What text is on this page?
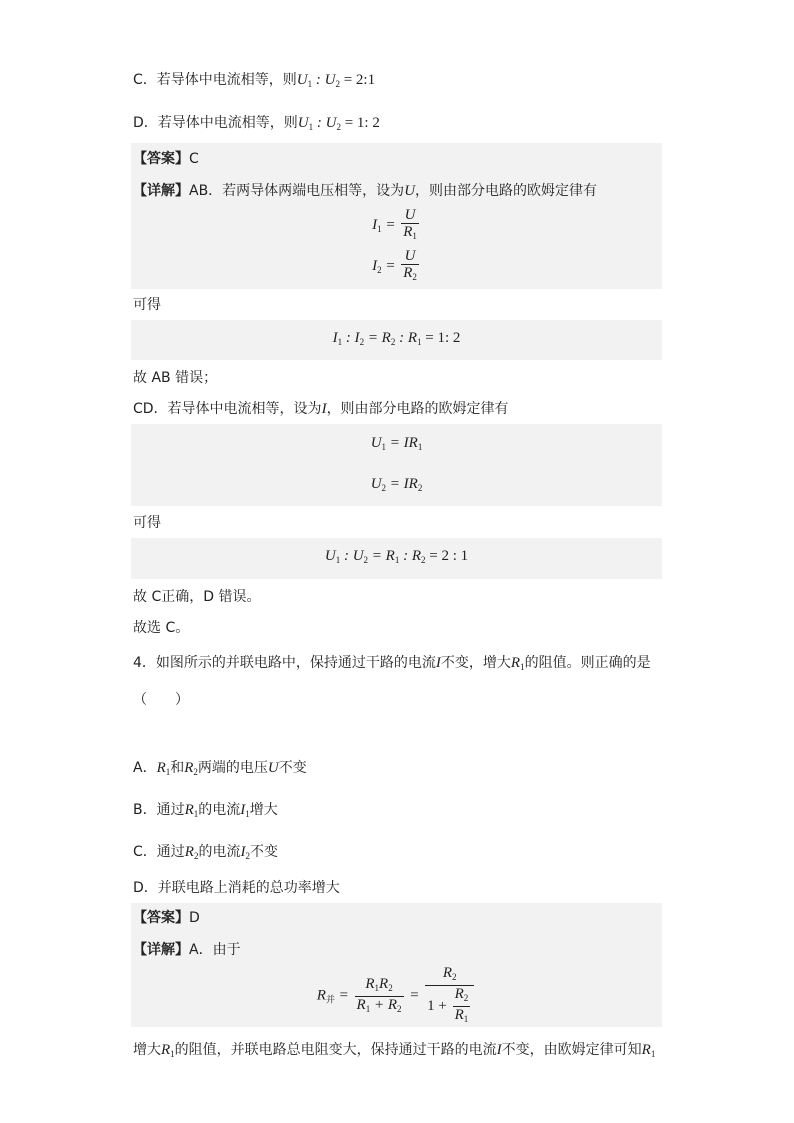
C．若导体中电流相等，则$U_1$ : $U_2$ = 2:1
D．若导体中电流相等，则$U_1$ : $U_2 = 1$: 2
【答案】C
【详解】AB．若两导体两端电压相等，设为U，则由部分电路的欧姆定律有
$I_1 = \frac{U}{R_1}$
$I_2 = \frac{U}{R_2}$
可得
$I_1$ : $I_2 = R_2$ : $R_1 = 1$: 2
故 AB 错误；
CD．若导体中电流相等，设为I，则由部分电路的欧姆定律有
$U_1 = IR_1$
$U_2 = IR_2$
可得
$U_1$ : $U_2 = R_1$ : $R_2 = 2$ : 1
故 C正确，D 错误。
故选 C。
4．如图所示的并联电路中，保持通过干路的电流I不变，增大$R_1$的阻值。则正确的是
（　　）
A．$R_1$和$R_2$两端的电压U不变
B．通过$R_1$的电流$I_1$增大
C．通过$R_2$的电流$I_2$不变
D．并联电路上消耗的总功率增大
【答案】D
【详解】A．由于
$R_并 = \frac{R_1R_2}{R_1 + R_2} = \frac{R_2}{1 + \frac{R_2}{R_1}}$
增大$R_1$的阻值，并联电路总电阻变大，保持通过干路的电流I不变，由欧姆定律可知$R_1$
